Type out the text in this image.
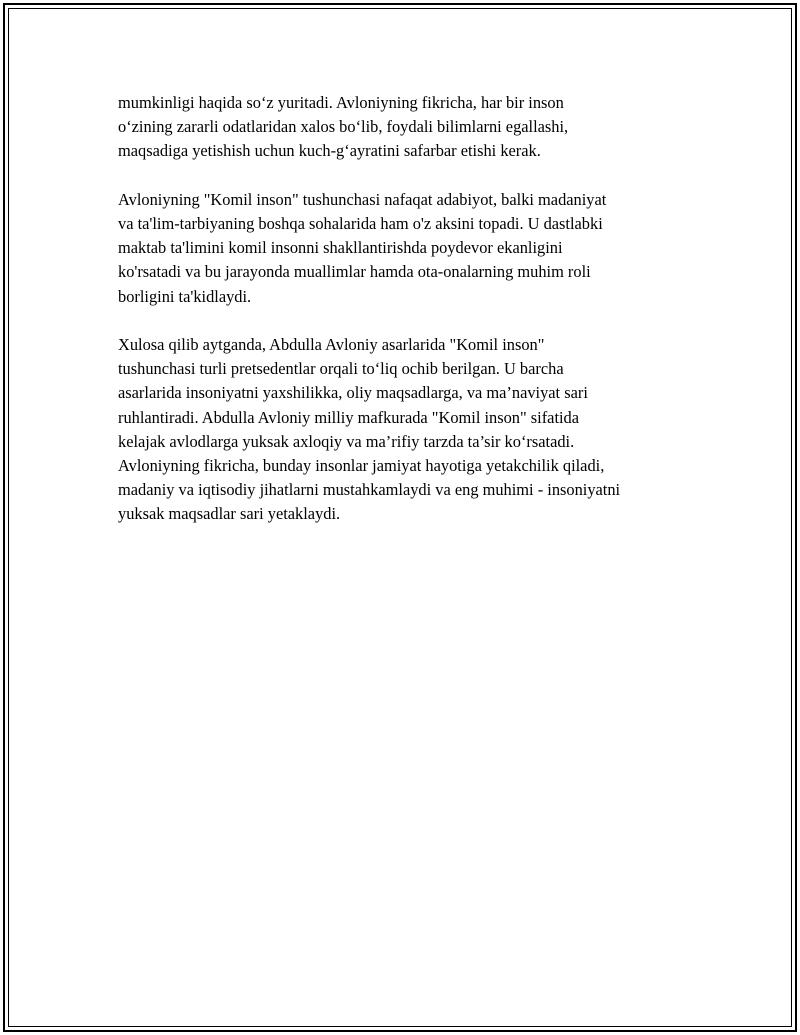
mumkinligi haqida so‘z yuritadi. Avloniyning fikricha, har bir inson
o‘zining zararli odatlaridan xalos bo‘lib, foydali bilimlarni egallashi,
maqsadiga yetishish uchun kuch-g‘ayratini safarbar etishi kerak.

Avloniyning "Komil inson" tushunchasi nafaqat adabiyot, balki madaniyat
va ta'lim-tarbiyaning boshqa sohalarida ham o'z aksini topadi. U dastlabki
maktab ta'limini komil insonni shakllantirishda poydevor ekanligini
ko'rsatadi va bu jarayonda muallimlar hamda ota-onalarning muhim roli
borligini ta'kidlaydi.

Xulosa qilib aytganda, Abdulla Avloniy asarlarida "Komil inson"
tushunchasi turli pretsedentlar orqali to‘liq ochib berilgan. U barcha
asarlarida insoniyatni yaxshilikka, oliy maqsadlarga, va ma’naviyat sari
ruhlantiradi. Abdulla Avloniy milliy mafkurada "Komil inson" sifatida
kelajak avlodlarga yuksak axloqiy va ma’rifiy tarzda ta’sir ko‘rsatadi.
Avloniyning fikricha, bunday insonlar jamiyat hayotiga yetakchilik qiladi,
madaniy va iqtisodiy jihatlarni mustahkamlaydi va eng muhimi - insoniyatni
yuksak maqsadlar sari yetaklaydi.
